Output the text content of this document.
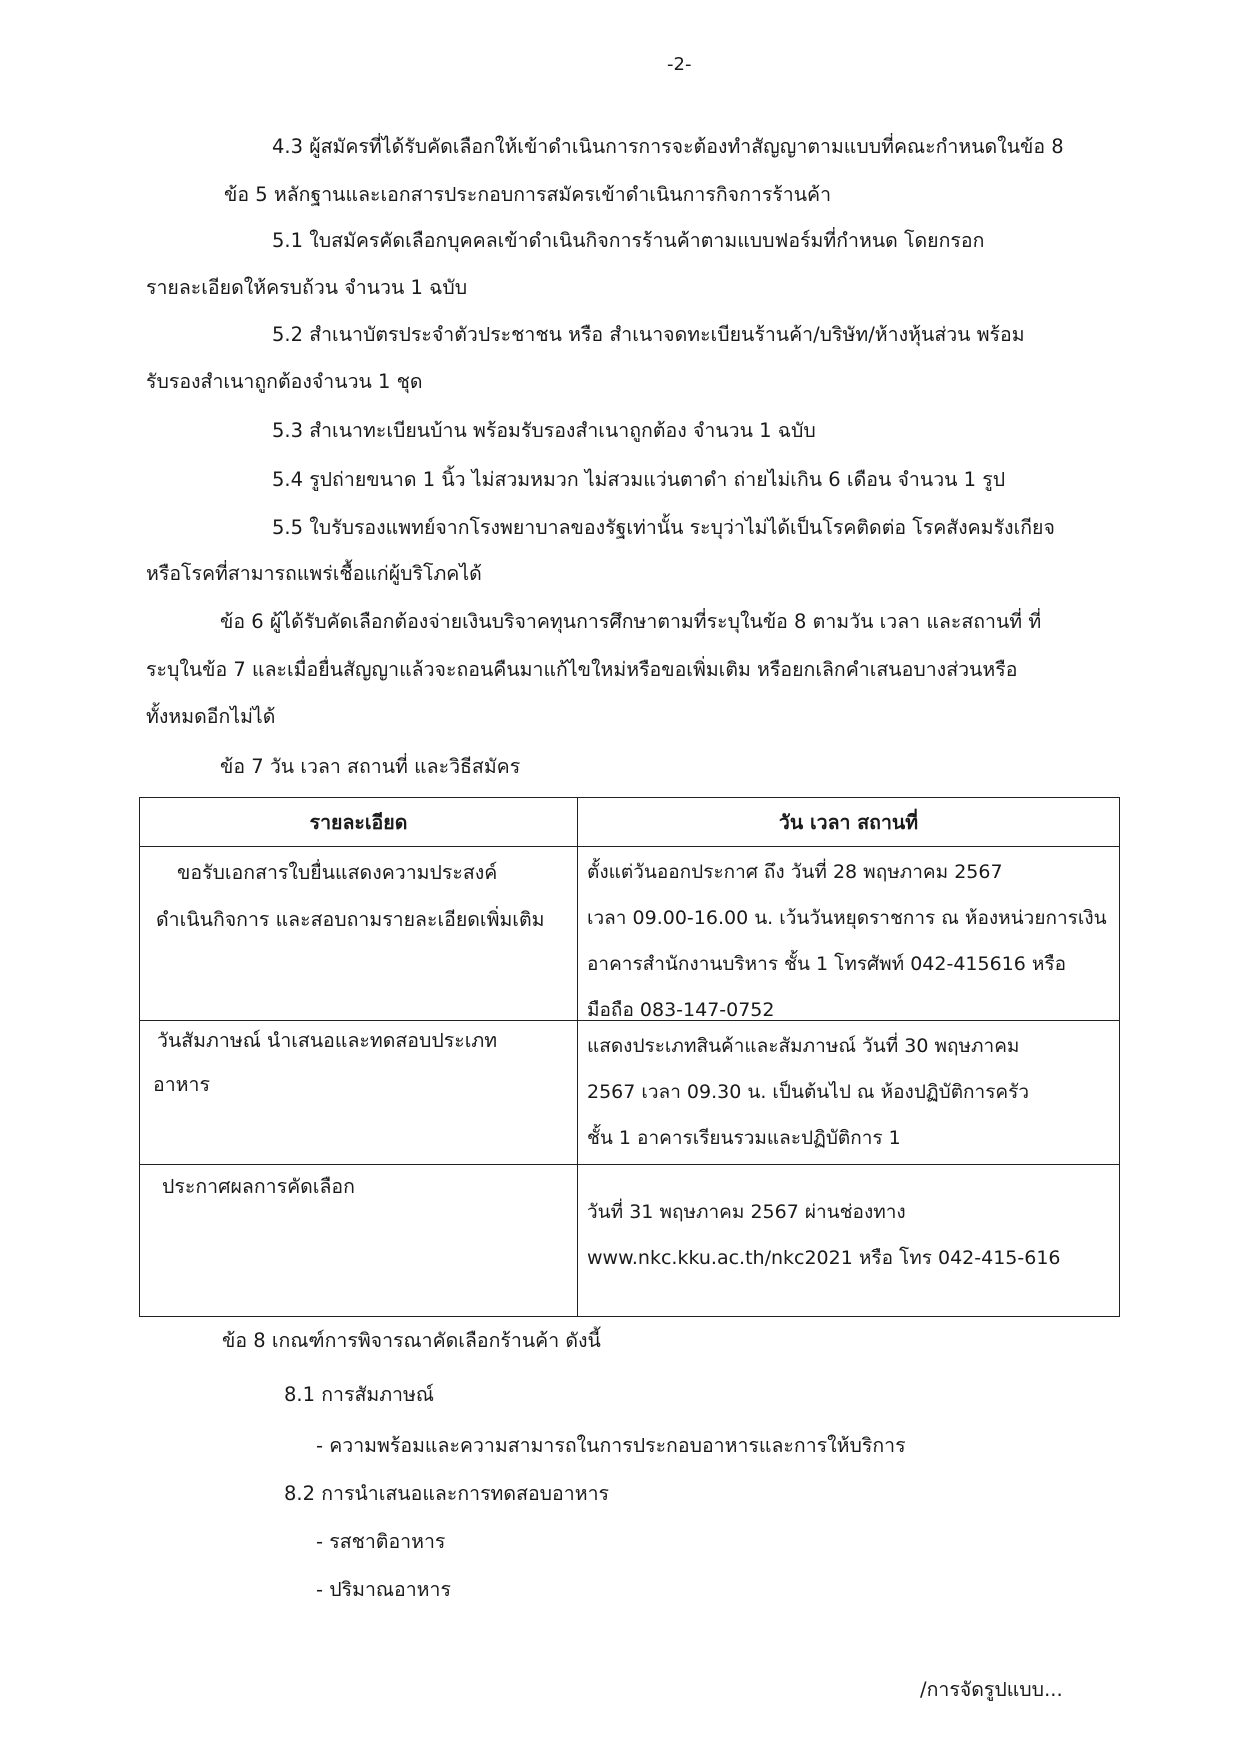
-2-
4.3 ผู้สมัครที่ได้รับคัดเลือกให้เข้าดำเนินการการจะต้องทำสัญญาตามแบบที่คณะกำหนดในข้อ 8
ข้อ 5 หลักฐานและเอกสารประกอบการสมัครเข้าดำเนินการกิจการร้านค้า
5.1 ใบสมัครคัดเลือกบุคคลเข้าดำเนินกิจการร้านค้าตามแบบฟอร์มที่กำหนด โดยกรอก
รายละเอียดให้ครบถ้วน จำนวน 1 ฉบับ
5.2 สำเนาบัตรประจำตัวประชาชน หรือ สำเนาจดทะเบียนร้านค้า/บริษัท/ห้างหุ้นส่วน พร้อม
รับรองสำเนาถูกต้องจำนวน 1 ชุด
5.3 สำเนาทะเบียนบ้าน พร้อมรับรองสำเนาถูกต้อง จำนวน 1 ฉบับ
5.4 รูปถ่ายขนาด 1 นิ้ว ไม่สวมหมวก ไม่สวมแว่นตาดำ ถ่ายไม่เกิน 6 เดือน จำนวน 1 รูป
5.5 ใบรับรองแพทย์จากโรงพยาบาลของรัฐเท่านั้น ระบุว่าไม่ได้เป็นโรคติดต่อ โรคสังคมรังเกียจ
หรือโรคที่สามารถแพร่เชื้อแก่ผู้บริโภคได้
ข้อ 6 ผู้ได้รับคัดเลือกต้องจ่ายเงินบริจาคทุนการศึกษาตามที่ระบุในข้อ 8 ตามวัน เวลา และสถานที่ ที่
ระบุในข้อ 7 และเมื่อยื่นสัญญาแล้วจะถอนคืนมาแก้ไขใหม่หรือขอเพิ่มเติม หรือยกเลิกคำเสนอบางส่วนหรือ
ทั้งหมดอีกไม่ได้
ข้อ 7 วัน เวลา สถานที่ และวิธีสมัคร
รายละเอียด	วัน เวลา สถานที่

ขอรับเอกสารใบยื่นแสดงความประสงค์
ดำเนินกิจการ และสอบถามรายละเอียดเพิ่มเติม	ตั้งแต่วันออกประกาศ ถึง วันที่ 28 พฤษภาคม 2567
เวลา 09.00-16.00 น. เว้นวันหยุดราชการ ณ ห้องหน่วยการเงิน
อาคารสำนักงานบริหาร ชั้น 1 โทรศัพท์ 042-415616 หรือ
มือถือ 083-147-0752

วันสัมภาษณ์ นำเสนอและทดสอบประเภท
อาหาร	แสดงประเภทสินค้าและสัมภาษณ์ วันที่ 30 พฤษภาคม
2567 เวลา 09.30 น. เป็นต้นไป ณ ห้องปฏิบัติการครัว
ชั้น 1 อาคารเรียนรวมและปฏิบัติการ 1

ประกาศผลการคัดเลือก	วันที่ 31 พฤษภาคม 2567 ผ่านช่องทาง
www.nkc.kku.ac.th/nkc2021 หรือ โทร 042-415-616
ข้อ 8 เกณฑ์การพิจารณาคัดเลือกร้านค้า ดังนี้
8.1 การสัมภาษณ์
- ความพร้อมและความสามารถในการประกอบอาหารและการให้บริการ
8.2 การนำเสนอและการทดสอบอาหาร
- รสชาติอาหาร
- ปริมาณอาหาร
/การจัดรูปแบบ...
